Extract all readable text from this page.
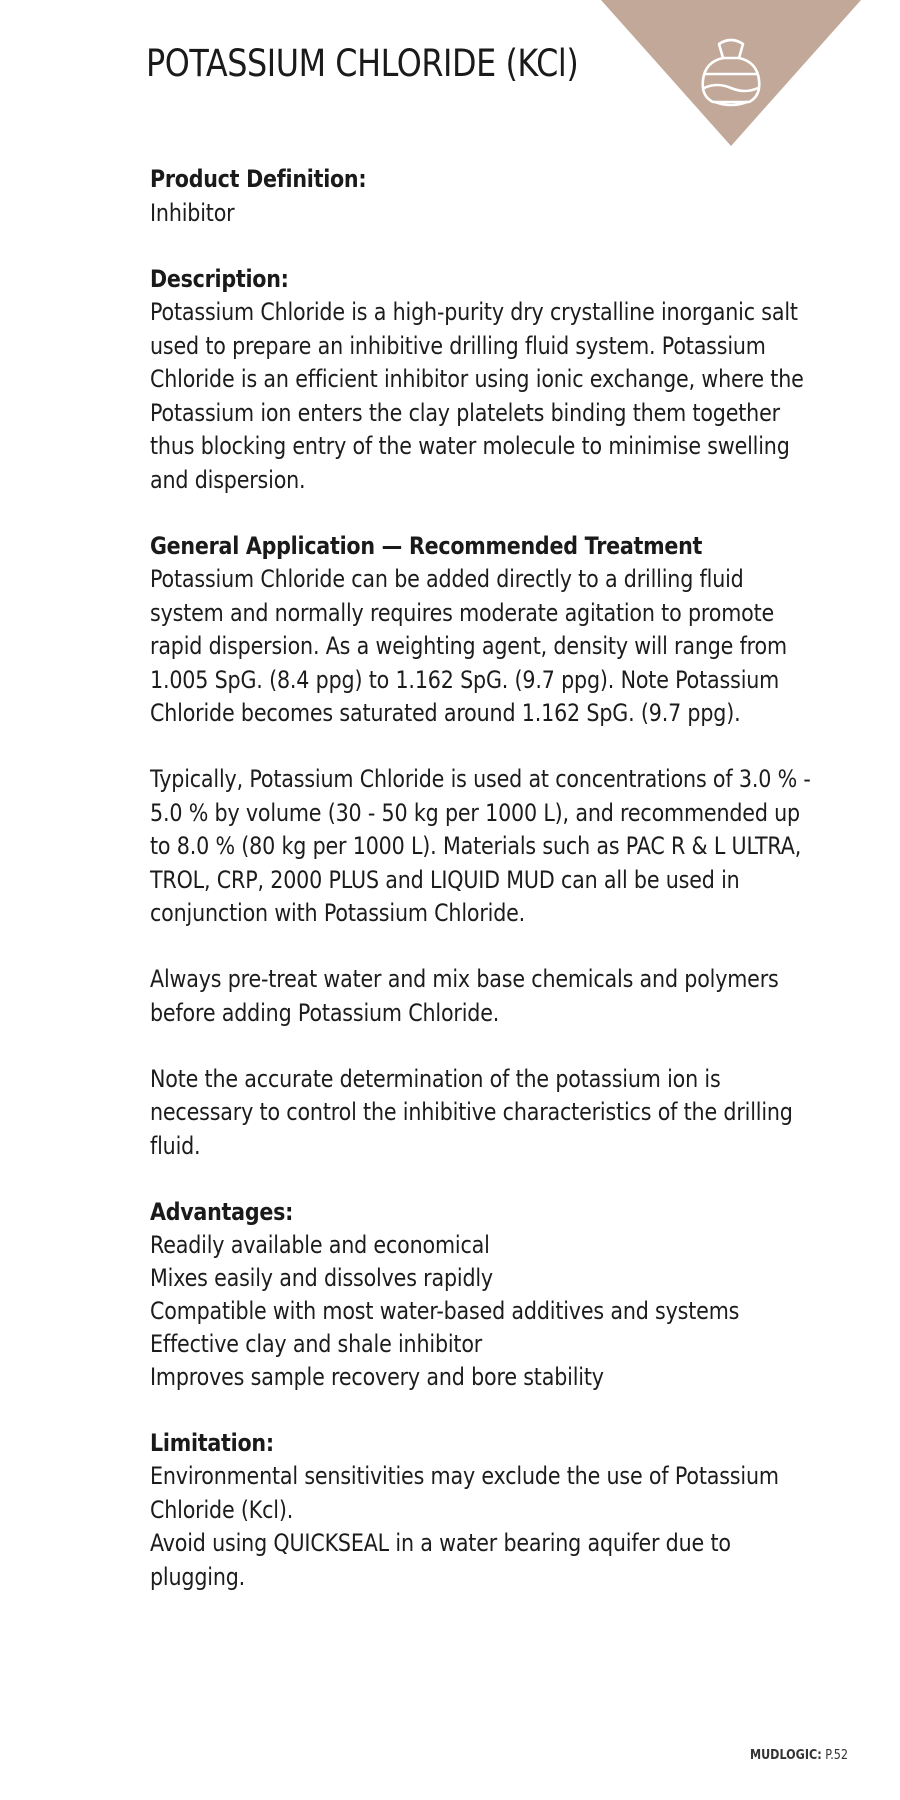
POTASSIUM CHLORIDE (KCl)

Product Definition:

Inhibitor

Description:

Potassium Chloride is a high-purity dry crystalline inorganic salt
used to prepare an inhibitive drilling fluid system. Potassium
Chloride is an efficient inhibitor using ionic exchange, where the
Potassium ion enters the clay platelets binding them together
thus blocking entry of the water molecule to minimise swelling
and dispersion.

General Application — Recommended Treatment

Potassium Chloride can be added directly to a drilling fluid
system and normally requires moderate agitation to promote
rapid dispersion. As a weighting agent, density will range from
1.005 SpG. (8.4 ppg) to 1.162 SpG. (9.7 ppg). Note Potassium
Chloride becomes saturated around 1.162 SpG. (9.7 ppg).

Typically, Potassium Chloride is used at concentrations of 3.0 % -
5.0 % by volume (30 - 50 kg per 1000 L), and recommended up
to 8.0 % (80 kg per 1000 L). Materials such as PAC R & L ULTRA,
TROL, CRP, 2000 PLUS and LIQUID MUD can all be used in
conjunction with Potassium Chloride.

Always pre-treat water and mix base chemicals and polymers
before adding Potassium Chloride.

Note the accurate determination of the potassium ion is
necessary to control the inhibitive characteristics of the drilling
fluid.

Advantages:

Readily available and economical
Mixes easily and dissolves rapidly
Compatible with most water-based additives and systems
Effective clay and shale inhibitor
Improves sample recovery and bore stability

Limitation:

Environmental sensitivities may exclude the use of Potassium
Chloride (Kcl).
Avoid using QUICKSEAL in a water bearing aquifer due to
plugging.

MUDLOGIC: P.52
